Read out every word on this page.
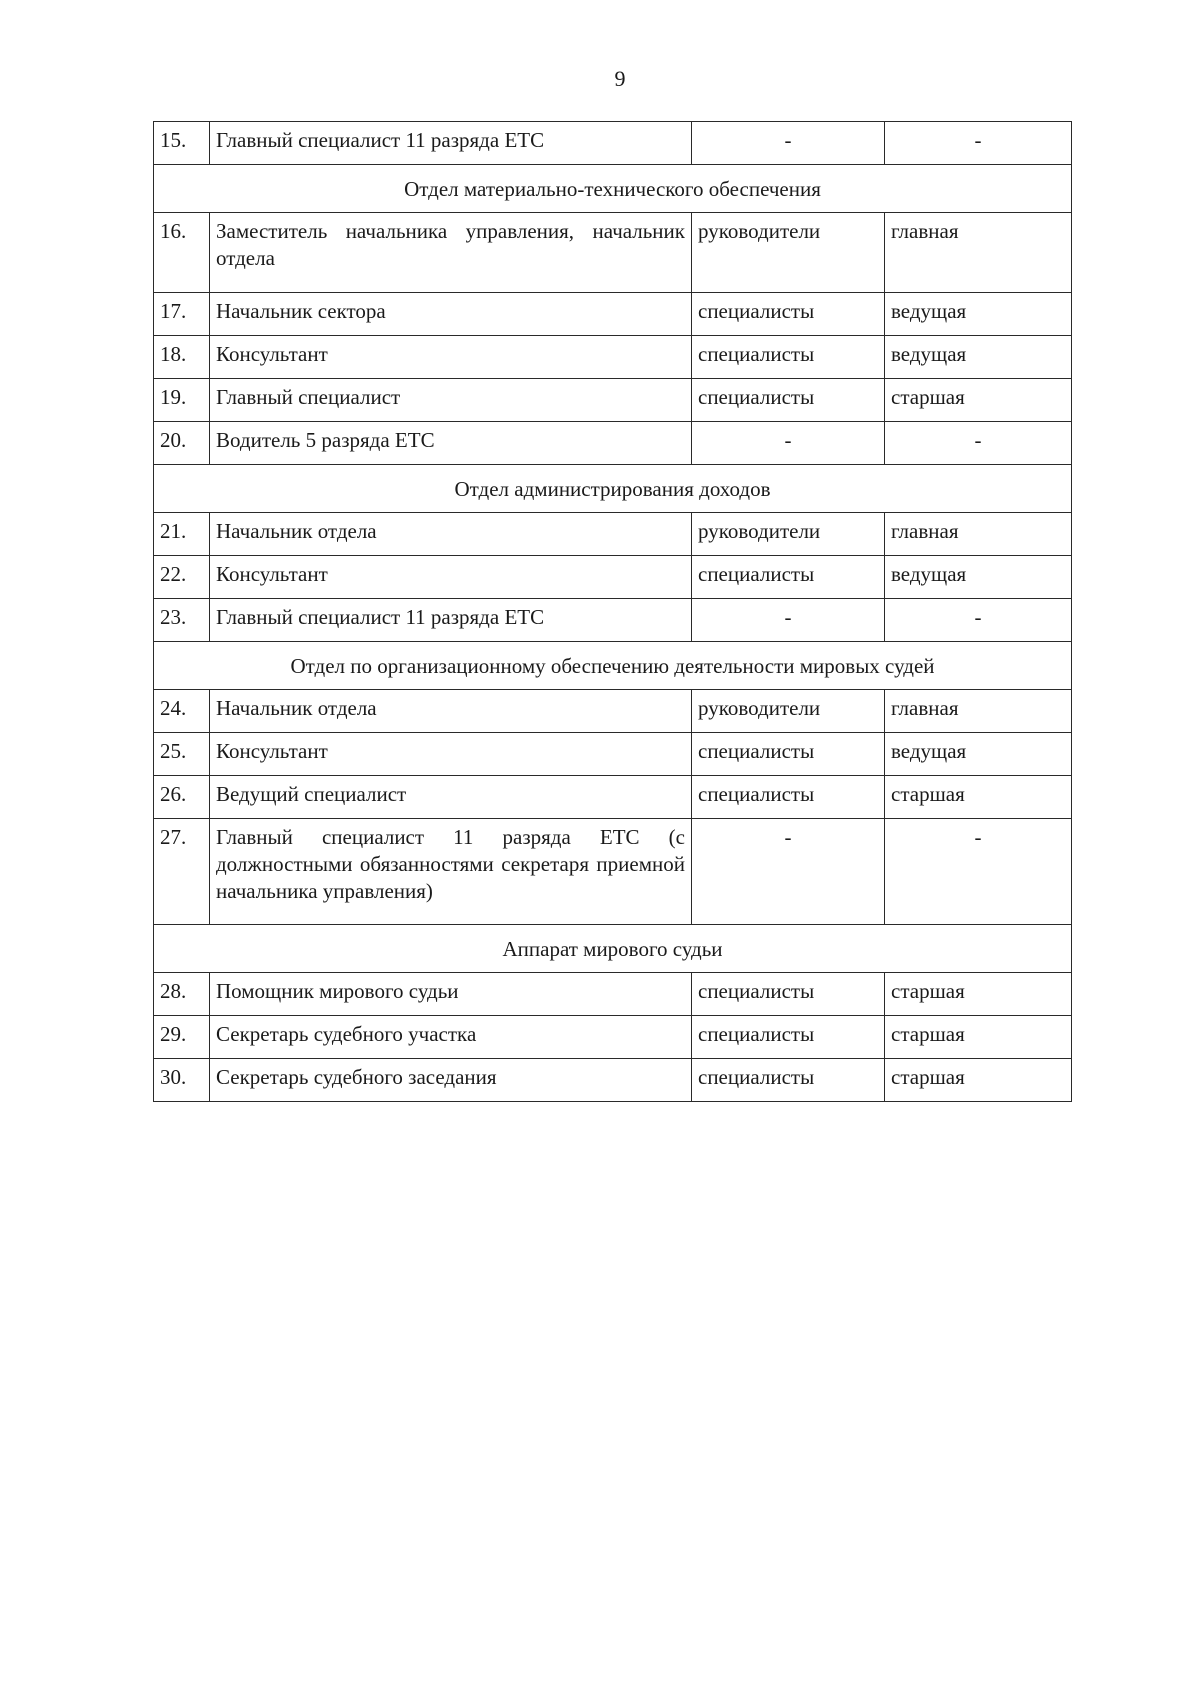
9
15.	Главный специалист 11 разряда ЕТС	-	-
Отдел материально-технического обеспечения			
16.	Заместитель начальника управления, начальник отдела	руководители	главная
17.	Начальник сектора	специалисты	ведущая
18.	Консультант	специалисты	ведущая
19.	Главный специалист	специалисты	старшая
20.	Водитель 5 разряда ЕТС	-	-
Отдел администрирования доходов			
21.	Начальник отдела	руководители	главная
22.	Консультант	специалисты	ведущая
23.	Главный специалист 11 разряда ЕТС	-	-
Отдел по организационному обеспечению деятельности мировых судей			
24.	Начальник отдела	руководители	главная
25.	Консультант	специалисты	ведущая
26.	Ведущий специалист	специалисты	старшая
27.	Главный специалист 11 разряда ЕТС (с должностными обязанностями секретаря приемной начальника управления)	-	-
Аппарат мирового судьи			
28.	Помощник мирового судьи	специалисты	старшая
29.	Секретарь судебного участка	специалисты	старшая
30.	Секретарь судебного заседания	специалисты	старшая
